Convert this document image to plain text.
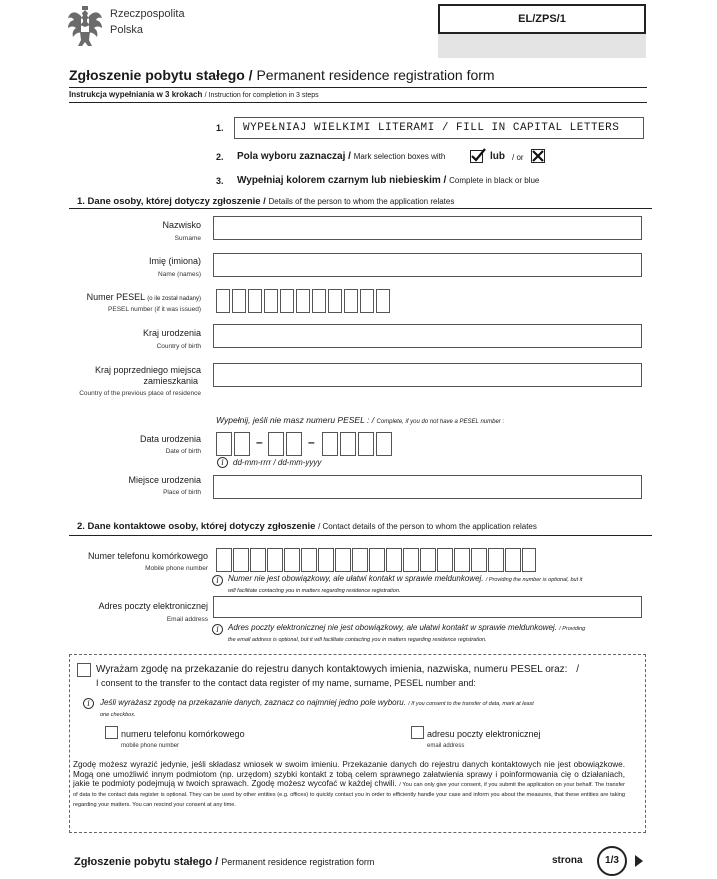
Rzeczpospolita
Polska
EL/ZPS/1
Zgłoszenie pobytu stałego / Permanent residence registration form
Instrukcja wypełniania w 3 krokach / Instruction for completion in 3 steps
1.	WYPEŁNIAJ WIELKIMI LITERAMI / FILL IN CAPITAL LETTERS
2. Pola wyboru zaznaczaj / Mark selection boxes with	lub / or
3. Wypełniaj kolorem czarnym lub niebieskim / Complete in black or blue
1. Dane osoby, której dotyczy zgłoszenie / Details of the person to whom the application relates
Nazwisko
Surname
Imię (imiona)
Name (names)
Numer PESEL (o ile został nadany)
PESEL number (if it was issued)
Kraj urodzenia
Country of birth
Kraj poprzedniego miejsca
zamieszkania
Country of the previous place of residence
Wypełnij, jeśli nie masz numeru PESEL : / Complete, if you do not have a PESEL number :
Data urodzenia
Date of birth
–	–
i	dd-mm-rrrr / dd-mm-yyyy
Miejsce urodzenia
Place of birth
2. Dane kontaktowe osoby, której dotyczy zgłoszenie / Contact details of the person to whom the application relates
Numer telefonu komórkowego
Mobile phone number
i	Numer nie jest obowiązkowy, ale ułatwi kontakt w sprawie meldunkowej. / Providing the number is optional, but it
will facilitate contacting you in matters regarding residence registration.
Adres poczty elektronicznej
Email address
i	Adres poczty elektronicznej nie jest obowiązkowy, ale ułatwi kontakt w sprawie meldunkowej. / Providing
the email address is optional, but it will facilitate contacting you in matters regarding residence registration.
Wyrażam zgodę na przekazanie do rejestru danych kontaktowych imienia, nazwiska, numeru PESEL oraz: /
I consent to the transfer to the contact data register of my name, surname, PESEL number and:
i	Jeśli wyrażasz zgodę na przekazanie danych, zaznacz co najmniej jedno pole wyboru. / If you consent to the transfer of data, mark at least
one checkbox.
numeru telefonu komórkowego
mobile phone number
adresu poczty elektronicznej
email address
Zgodę możesz wyrazić jedynie, jeśli składasz wniosek w swoim imieniu. Przekazanie danych do rejestru danych kontaktowych nie jest obowiązkowe. Mogą one umożliwić innym podmiotom (np. urzędom) szybki kontakt z tobą celem sprawnego załatwienia sprawy i poinformowania cię o działaniach, jakie te podmioty podejmują w twoich sprawach. Zgodę możesz wycofać w każdej chwili. / You can only give your consent, if you submit the application on your behalf. The transfer of data to the contact data register is optional. They can be used by other entities (e.g. offices) to quickly contact you in order to efficiently handle your case and inform you about the measures, that these entities are taking regarding your matters. You can rescind your consent at any time.
Zgłoszenie pobytu stałego / Permanent residence registration form	strona	1/3
